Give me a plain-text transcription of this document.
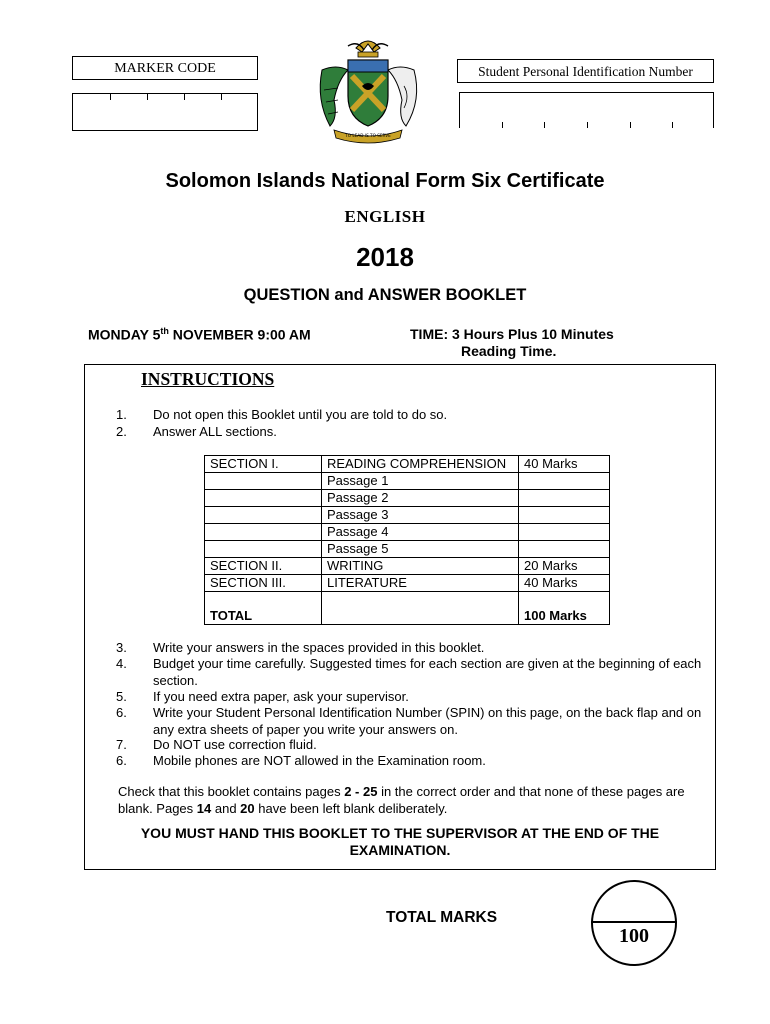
MARKER CODE
TO LEAD IS TO SERVE
Student Personal Identification Number
Solomon Islands National Form Six Certificate
ENGLISH
2018
QUESTION and ANSWER BOOKLET
MONDAY 5th NOVEMBER 9:00 AM	TIME: 3 Hours Plus 10 Minutes
Reading Time.
INSTRUCTIONS
1. Do not open this Booklet until you are told to do so.
2. Answer ALL sections.
SECTION I.	READING COMPREHENSION	40 Marks
	Passage 1	
	Passage 2	
	Passage 3	
	Passage 4	
	Passage 5	
SECTION II.	WRITING	20 Marks
SECTION III.	LITERATURE	40 Marks
TOTAL		100 Marks
3. Write your answers in the spaces provided in this booklet.
4. Budget your time carefully. Suggested times for each section are given at the beginning of each section.
5. If you need extra paper, ask your supervisor.
6. Write your Student Personal Identification Number (SPIN) on this page, on the back flap and on any extra sheets of paper you write your answers on.
7. Do NOT use correction fluid.
6. Mobile phones are NOT allowed in the Examination room.
Check that this booklet contains pages 2 - 25 in the correct order and that none of these pages are blank. Pages 14 and 20 have been left blank deliberately.
YOU MUST HAND THIS BOOKLET TO THE SUPERVISOR AT THE END OF THE EXAMINATION.
TOTAL MARKS
100
